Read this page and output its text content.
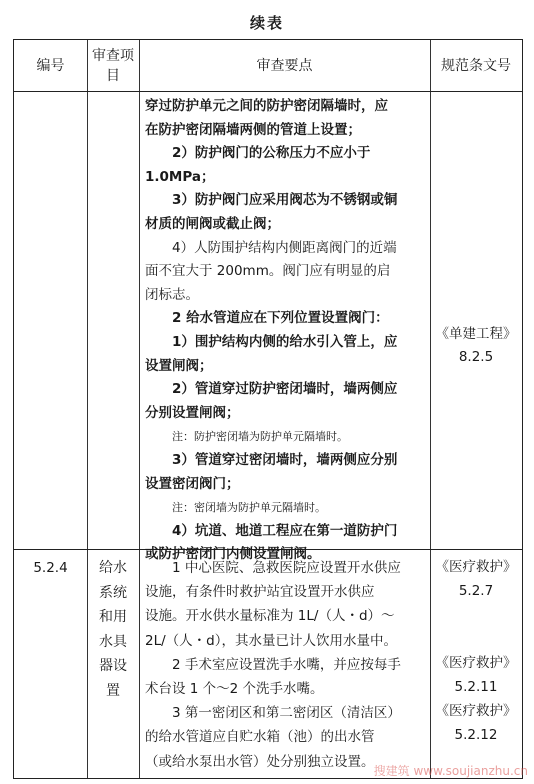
续表
编号
审查项目
审查要点	规范条文号
穿过防护单元之间的防护密闭隔墙时，应
在防护密闭隔墙两侧的管道上设置；
2）防护阀门的公称压力不应小于
1.0MPa；
3）防护阀门应采用阀芯为不锈钢或铜
材质的闸阀或截止阀；
4）人防围护结构内侧距离阀门的近端
面不宜大于 200mm。阀门应有明显的启
闭标志。
2 给水管道应在下列位置设置阀门：
1）围护结构内侧的给水引入管上，应
设置闸阀；
2）管道穿过防护密闭墙时，墙两侧应
分别设置闸阀；
注：防护密闭墙为防护单元隔墙时。
3）管道穿过密闭墙时，墙两侧应分别
设置密闭阀门；
注：密闭墙为防护单元隔墙时。
4）坑道、地道工程应在第一道防护门
或防护密闭门内侧设置闸阀。
《单建工程》
8.2.5
5.2.4	给水
系统
和用
水具
器设
置
1 中心医院、急救医院应设置开水供应
设施，有条件时救护站宜设置开水供应
设施。开水供水量标准为 1L/（人・d）～
2L/（人・d），其水量已计人饮用水量中。
2 手术室应设置洗手水嘴，并应按每手
术台设 1 个～2 个洗手水嘴。
3 第一密闭区和第二密闭区（清洁区）
的给水管道应自贮水箱（池）的出水管
（或给水泵出水管）处分别独立设置。
《医疗救护》
5.2.7
《医疗救护》
5.2.11
《医疗救护》
5.2.12
搜建筑 www.soujianzhu.cn
